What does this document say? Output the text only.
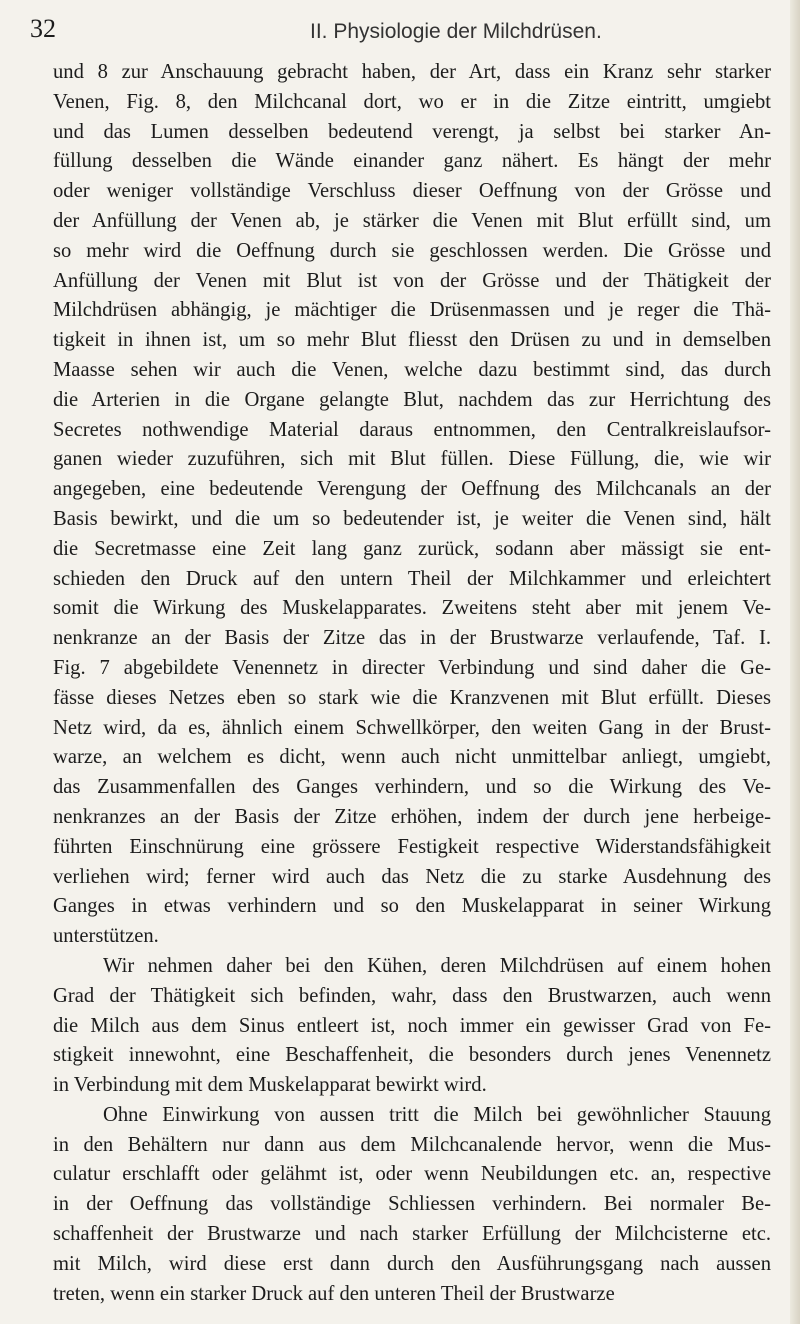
32	II. Physiologie der Milchdrüsen.
und 8 zur Anschauung gebracht haben, der Art, dass ein Kranz sehr starker
Venen, Fig. 8, den Milchcanal dort, wo er in die Zitze eintritt, umgiebt
und das Lumen desselben bedeutend verengt, ja selbst bei starker An-
füllung desselben die Wände einander ganz nähert. Es hängt der mehr
oder weniger vollständige Verschluss dieser Oeffnung von der Grösse und
der Anfüllung der Venen ab, je stärker die Venen mit Blut erfüllt sind, um
so mehr wird die Oeffnung durch sie geschlossen werden. Die Grösse und
Anfüllung der Venen mit Blut ist von der Grösse und der Thätigkeit der
Milchdrüsen abhängig, je mächtiger die Drüsenmassen und je reger die Thä-
tigkeit in ihnen ist, um so mehr Blut fliesst den Drüsen zu und in demselben
Maasse sehen wir auch die Venen, welche dazu bestimmt sind, das durch
die Arterien in die Organe gelangte Blut, nachdem das zur Herrichtung des
Secretes nothwendige Material daraus entnommen, den Centralkreislaufsor-
ganen wieder zuzuführen, sich mit Blut füllen. Diese Füllung, die, wie wir
angegeben, eine bedeutende Verengung der Oeffnung des Milchcanals an der
Basis bewirkt, und die um so bedeutender ist, je weiter die Venen sind, hält
die Secretmasse eine Zeit lang ganz zurück, sodann aber mässigt sie ent-
schieden den Druck auf den untern Theil der Milchkammer und erleichtert
somit die Wirkung des Muskelapparates. Zweitens steht aber mit jenem Ve-
nenkranze an der Basis der Zitze das in der Brustwarze verlaufende, Taf. I.
Fig. 7 abgebildete Venennetz in directer Verbindung und sind daher die Ge-
fässe dieses Netzes eben so stark wie die Kranzvenen mit Blut erfüllt. Dieses
Netz wird, da es, ähnlich einem Schwellkörper, den weiten Gang in der Brust-
warze, an welchem es dicht, wenn auch nicht unmittelbar anliegt, umgiebt,
das Zusammenfallen des Ganges verhindern, und so die Wirkung des Ve-
nenkranzes an der Basis der Zitze erhöhen, indem der durch jene herbeige-
führten Einschnürung eine grössere Festigkeit respective Widerstandsfähigkeit
verliehen wird; ferner wird auch das Netz die zu starke Ausdehnung des
Ganges in etwas verhindern und so den Muskelapparat in seiner Wirkung
unterstützen.
Wir nehmen daher bei den Kühen, deren Milchdrüsen auf einem hohen
Grad der Thätigkeit sich befinden, wahr, dass den Brustwarzen, auch wenn
die Milch aus dem Sinus entleert ist, noch immer ein gewisser Grad von Fe-
stigkeit innewohnt, eine Beschaffenheit, die besonders durch jenes Venennetz
in Verbindung mit dem Muskelapparat bewirkt wird.
Ohne Einwirkung von aussen tritt die Milch bei gewöhnlicher Stauung
in den Behältern nur dann aus dem Milchcanalende hervor, wenn die Mus-
culatur erschlafft oder gelähmt ist, oder wenn Neubildungen etc. an, respective
in der Oeffnung das vollständige Schliessen verhindern. Bei normaler Be-
schaffenheit der Brustwarze und nach starker Erfüllung der Milchcisterne etc.
mit Milch, wird diese erst dann durch den Ausführungsgang nach aussen
treten, wenn ein starker Druck auf den unteren Theil der Brustwarze
